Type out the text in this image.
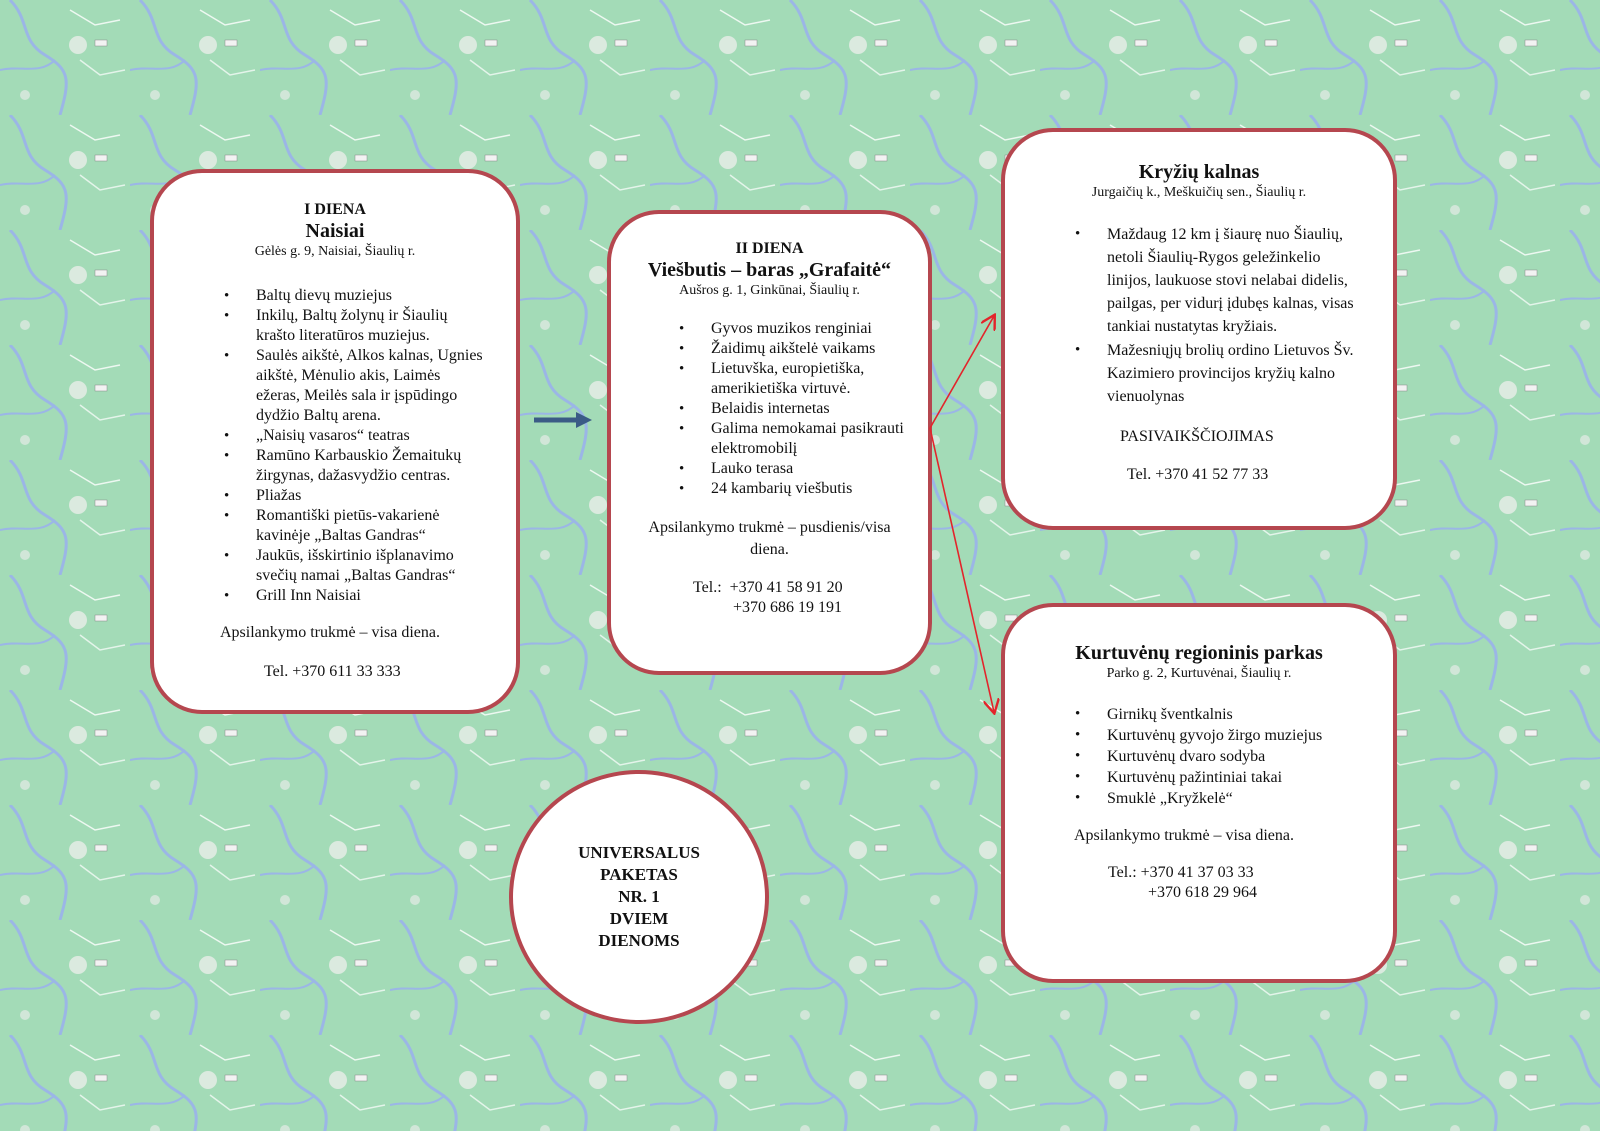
I DIENA
Naisiai
Gėlės g. 9, Naisiai, Šiaulių r.
• Baltų dievų muziejus
• Inkilų, Baltų žolynų ir Šiaulių krašto literatūros muziejus.
• Saulės aikštė, Alkos kalnas, Ugnies aikštė, Mėnulio akis, Laimės ežeras, Meilės sala ir įspūdingo dydžio Baltų arena.
• „Naisių vasaros“ teatras
• Ramūno Karbauskio Žemaitukų žirgynas, dažasvydžio centras.
• Pliažas
• Romantiški pietūs-vakarienė kavinėje „Baltas Gandras“
• Jaukūs, išskirtinio išplanavimo svečių namai „Baltas Gandras“
• Grill Inn Naisiai
Apsilankymo trukmė – visa diena.
Tel. +370 611 33 333
II DIENA
Viešbutis – baras „Grafaitė“
Aušros g. 1, Ginkūnai, Šiaulių r.
• Gyvos muzikos renginiai
• Žaidimų aikštelė vaikams
• Lietuvška, europietiška, amerikietiška virtuvė.
• Belaidis internetas
• Galima nemokamai pasikrauti elektromobilį
• Lauko terasa
• 24 kambarių viešbutis
Apsilankymo trukmė – pusdienis/visa diena.
Tel.:  +370 41 58 91 20
+370 686 19 191
Kryžių kalnas
Jurgaičių k., Meškuičių sen., Šiaulių r.
• Maždaug 12 km į šiaurę nuo Šiaulių, netoli Šiaulių-Rygos geležinkelio linijos, laukuose stovi nelabai didelis, pailgas, per vidurį įdubęs kalnas, visas tankiai nustatytas kryžiais.
• Mažesniųjų brolių ordino Lietuvos Šv. Kazimiero provincijos kryžių kalno vienuolynas
PASIVAIKŠČIOJIMAS
Tel. +370 41 52 77 33
Kurtuvėnų regioninis parkas
Parko g. 2, Kurtuvėnai, Šiaulių r.
• Girnikų šventkalnis
• Kurtuvėnų gyvojo žirgo muziejus
• Kurtuvėnų dvaro sodyba
• Kurtuvėnų pažintiniai takai
• Smuklė „Kryžkelė“
Apsilankymo trukmė – visa diena.
Tel.: +370 41 37 03 33
+370 618 29 964
UNIVERSALUS
PAKETAS
NR. 1
DVIEM
DIENOMS
